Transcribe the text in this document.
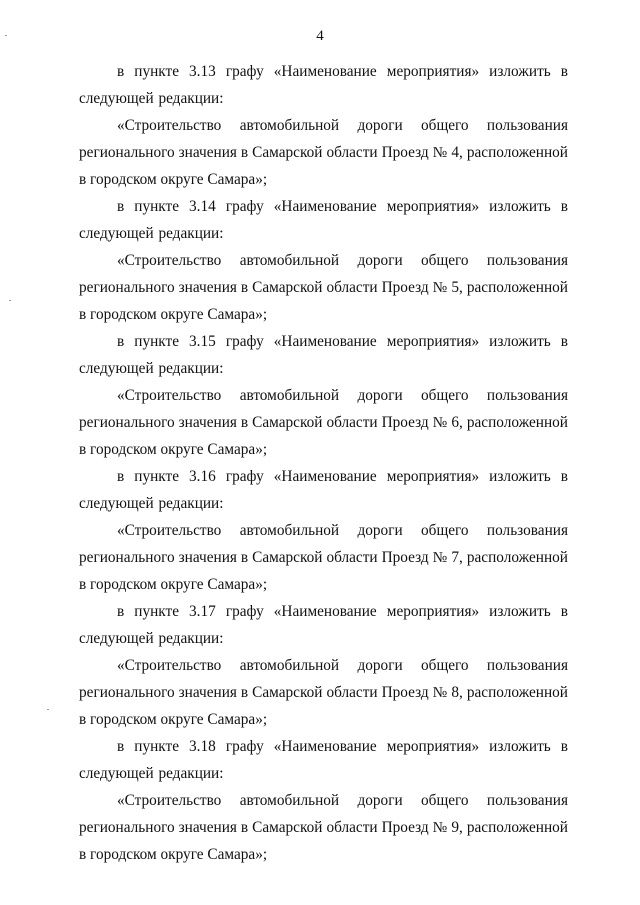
4

в пункте 3.13 графу «Наименование мероприятия» изложить в следующей редакции:

«Строительство автомобильной дороги общего пользования регионального значения в Самарской области Проезд № 4, расположенной в городском округе Самара»;

в пункте 3.14 графу «Наименование мероприятия» изложить в следующей редакции:

«Строительство автомобильной дороги общего пользования регионального значения в Самарской области Проезд № 5, расположенной в городском округе Самара»;

в пункте 3.15 графу «Наименование мероприятия» изложить в следующей редакции:

«Строительство автомобильной дороги общего пользования регионального значения в Самарской области Проезд № 6, расположенной в городском округе Самара»;

в пункте 3.16 графу «Наименование мероприятия» изложить в следующей редакции:

«Строительство автомобильной дороги общего пользования регионального значения в Самарской области Проезд № 7, расположенной в городском округе Самара»;

в пункте 3.17 графу «Наименование мероприятия» изложить в следующей редакции:

«Строительство автомобильной дороги общего пользования регионального значения в Самарской области Проезд № 8, расположенной в городском округе Самара»;

в пункте 3.18 графу «Наименование мероприятия» изложить в следующей редакции:

«Строительство автомобильной дороги общего пользования регионального значения в Самарской области Проезд № 9, расположенной в городском округе Самара»;
